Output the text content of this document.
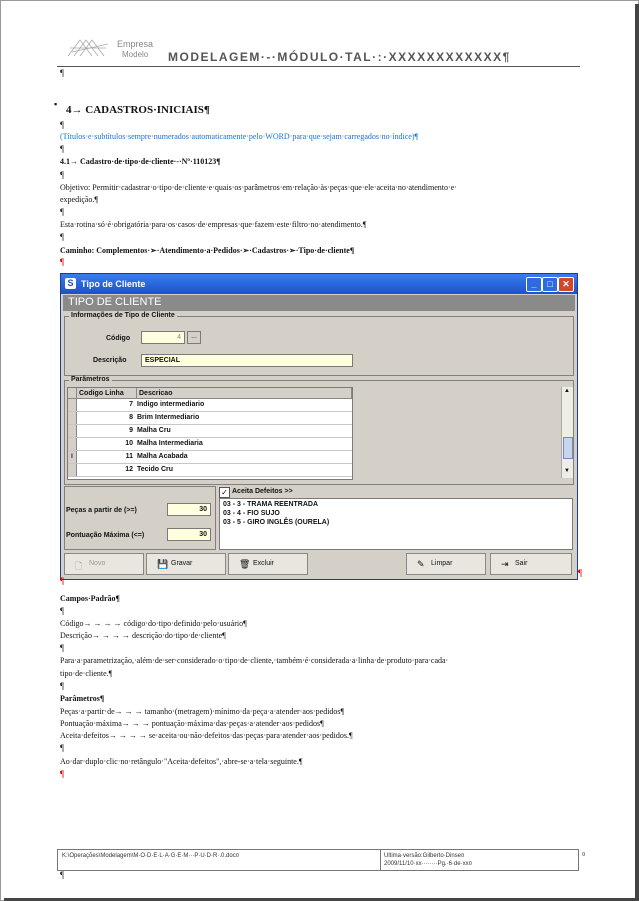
Empresa
Modelo MODELAGEM·-·MÓDULO·TAL·:·XXXXXXXXXXXX¶
¶
▪ 4→ CADASTROS·INICIAIS¶
¶
(Títulos·e·subtítulos·sempre·numerados·automaticamente·pelo·WORD·para·que·sejam·carregados·no·índice)¶
¶
4.1→ Cadastro·de·tipo·de·cliente·-·Nº·110123¶
¶
Objetivo: Permitir·cadastrar·o·tipo·de·cliente·e·quais·os·parâmetros·em·relação·às·peças·que·ele·aceita·no·atendimento·e·
expedição.¶
¶
Esta·rotina·só·é·obrigatória·para·os·casos·de·empresas·que·fazem·este·filtro·no·atendimento.¶
¶
Caminho: Complementos·➢·Atendimento·a·Pedidos·➢·Cadastros·➢·Tipo·de·cliente¶
¶
S Tipo de Cliente	_	□	✕
TIPO DE CLIENTE
Informações de Tipo de Cliente
Código	4	...
Descrição	ESPECIAL
Parâmetros
Codigo Linha	Descricao
7 Indigo intermediario
8 Brim Intermediario
9 Malha Cru
10 Malha Intermediaria
I	11 Malha Acabada
12 Tecido Cru
▲
▼
✓ Aceita Defeitos >>
03 - 3 - TRAMA REENTRADA
03 - 4 - FIO SUJO
03 - 5 - GIRO INGLÊS (OURELA)
Peças a partir de (>=)	30
Pontuação Máxima (<=)	30
🗋 Novo	💾 Gravar	🗑 Excluir	✎ Limpar	⇥ Sair
¶
¶
Campos·Padrão¶
¶
Código→ → → → código·do·tipo·definido·pelo·usuário¶
Descrição→ → → → descrição·do·tipo·de·cliente¶
¶
Para·a·parametrização,·além·de·ser·considerado·o·tipo·de·cliente,·também·é·considerada·a·linha·de·produto·para·cada·
tipo·de·cliente.¶
¶
Parâmetros¶
Peças·a·partir·de→ → → tamanho·(metragem)·mínimo·da·peça·a·atender·aos·pedidos¶
Pontuação·máxima→ → → pontuação·máxima·das·peças·a·atender·aos·pedidos¶
Aceita·defeitos→ → → → se·aceita·ou·não·defeitos·das·peças·para·atender·aos·pedidos.¶
¶
Ao·dar·duplo·clic·no·retângulo·"Aceita·defeitos",·abre-se·a·tela·seguinte.¶
¶
K:\Operações\Modelagem\M·O·D·E·L·A·G·E·M···P·U·D·R·.0.doc¤	Ultima·versão:Gilberto·Dinse¤
2009/11/10·xx········Pg.·6·de·xx¤
¤
¶
